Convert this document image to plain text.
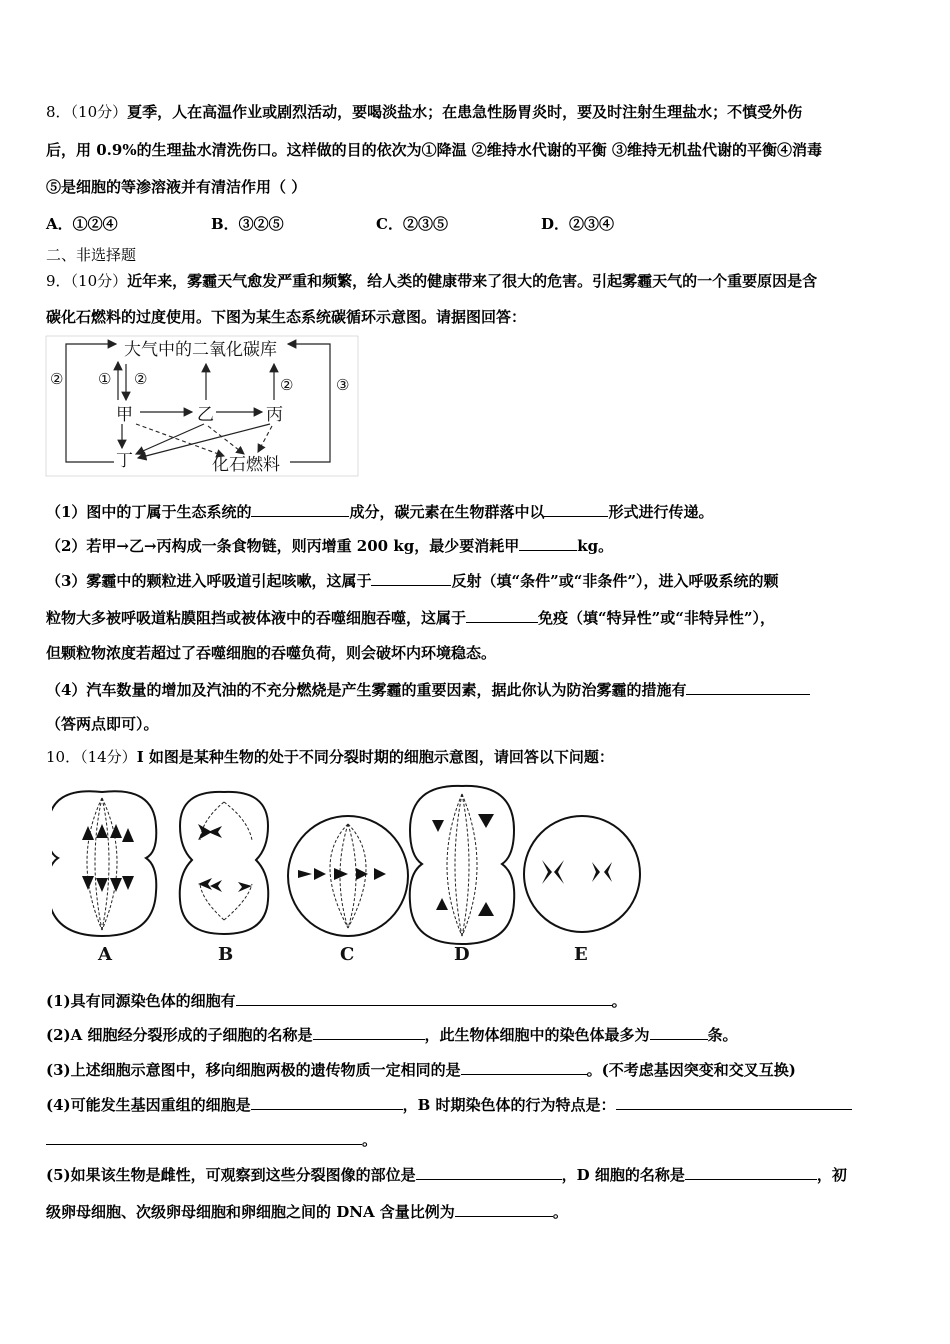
8．（10分）夏季，人在高温作业或剧烈活动，要喝淡盐水；在患急性肠胃炎时，要及时注射生理盐水；不慎受外伤
后，用 0.9%的生理盐水清洗伤口。这样做的目的依次为①降温 ②维持水代谢的平衡 ③维持无机盐代谢的平衡④消毒
⑤是细胞的等渗溶液并有清洁作用（ ）
A．①②④	B．③②⑤	C．②③⑤	D．②③④
二、非选择题
9．（10分）近年来，雾霾天气愈发严重和频繁，给人类的健康带来了很大的危害。引起雾霾天气的一个重要原因是含
碳化石燃料的过度使用。下图为某生态系统碳循环示意图。请据图回答：
大气中的二氧化碳库
甲	乙	丙
丁	化石燃料
② ① ②	②	③
（1）图中的丁属于生态系统的	成分，碳元素在生物群落中以	形式进行传递。
（2）若甲→乙→丙构成一条食物链，则丙增重 200 kg，最少要消耗甲	kg。
（3）雾霾中的颗粒进入呼吸道引起咳嗽，这属于	反射（填“条件”或“非条件”），进入呼吸系统的颗
粒物大多被呼吸道粘膜阻挡或被体液中的吞噬细胞吞噬，这属于	免疫（填“特异性”或“非特异性”），
但颗粒物浓度若超过了吞噬细胞的吞噬负荷，则会破坏内环境稳态。
（4）汽车数量的增加及汽油的不充分燃烧是产生雾霾的重要因素，据此你认为防治雾霾的措施有
（答两点即可）。
10．（14分）I 如图是某种生物的处于不同分裂时期的细胞示意图，请回答以下问题：
A	B	C	D	E
(1)具有同源染色体的细胞有	。
(2)A 细胞经分裂形成的子细胞的名称是	，此生物体细胞中的染色体最多为	条。
(3)上述细胞示意图中，移向细胞两极的遗传物质一定相同的是	。(不考虑基因突变和交叉互换)
(4)可能发生基因重组的细胞是	，B 时期染色体的行为特点是：
。
(5)如果该生物是雌性，可观察到这些分裂图像的部位是	，D 细胞的名称是	，初
级卵母细胞、次级卵母细胞和卵细胞之间的 DNA 含量比例为	。
